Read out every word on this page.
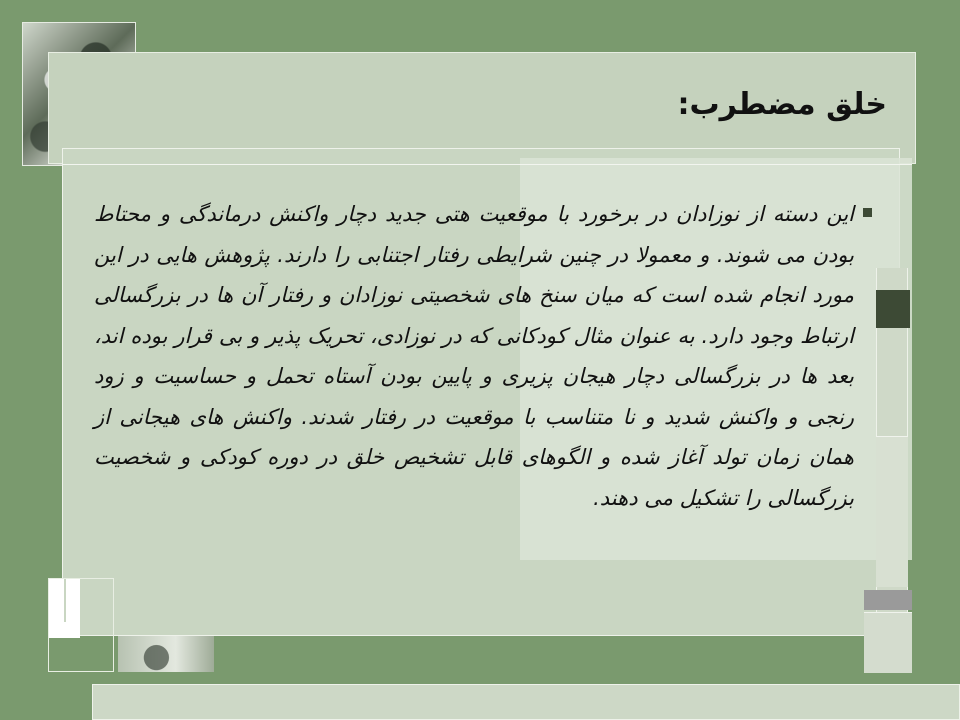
خلق مضطرب:
این دسته از نوزادان در برخورد با موقعیت هتی جدید دچار واکنش درماندگی و محتاط بودن می شوند. و معمولا در چنین شرایطی رفتار اجتنابی را دارند. پژوهش هایی در این مورد انجام شده است که میان سنخ های شخصیتی نوزادان و رفتار آن ها در بزرگسالی ارتباط وجود دارد. به عنوان مثال کودکانی که در نوزادی، تحریک پذیر و بی قرار بوده اند، بعد ها در بزرگسالی دچار هیجان پزیری و پایین بودن آستاه تحمل و حساسیت و زود رنجی و واکنش شدید و نا متناسب با موقعیت در رفتار شدند. واکنش های هیجانی از همان زمان تولد آغاز شده و الگوهای قابل تشخیص خلق در دوره کودکی و شخصیت بزرگسالی را تشکیل می دهند.
